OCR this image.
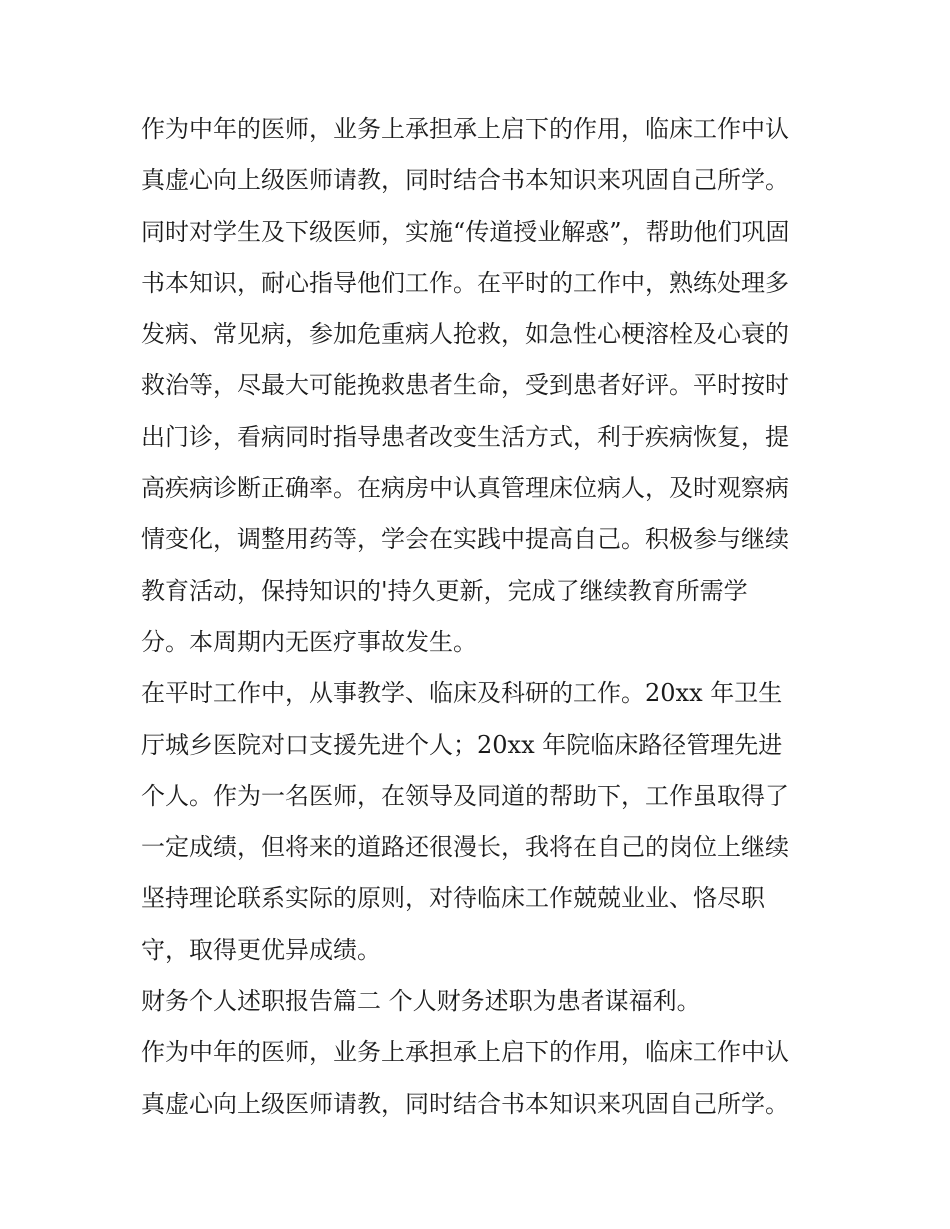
作为中年的医师，业务上承担承上启下的作用，临床工作中认
真虚心向上级医师请教，同时结合书本知识来巩固自己所学。
同时对学生及下级医师，实施“传道授业解惑”，帮助他们巩固
书本知识，耐心指导他们工作。在平时的工作中，熟练处理多
发病、常见病，参加危重病人抢救，如急性心梗溶栓及心衰的
救治等，尽最大可能挽救患者生命，受到患者好评。平时按时
出门诊，看病同时指导患者改变生活方式，利于疾病恢复，提
高疾病诊断正确率。在病房中认真管理床位病人，及时观察病
情变化，调整用药等，学会在实践中提高自己。积极参与继续
教育活动，保持知识的'持久更新，完成了继续教育所需学
分。本周期内无医疗事故发生。
在平时工作中，从事教学、临床及科研的工作。20xx 年卫生
厅城乡医院对口支援先进个人；20xx 年院临床路径管理先进
个人。作为一名医师，在领导及同道的帮助下，工作虽取得了
一定成绩，但将来的道路还很漫长，我将在自己的岗位上继续
坚持理论联系实际的原则，对待临床工作兢兢业业、恪尽职
守，取得更优异成绩。
财务个人述职报告篇二 个人财务述职为患者谋福利。
作为中年的医师，业务上承担承上启下的作用，临床工作中认
真虚心向上级医师请教，同时结合书本知识来巩固自己所学。
